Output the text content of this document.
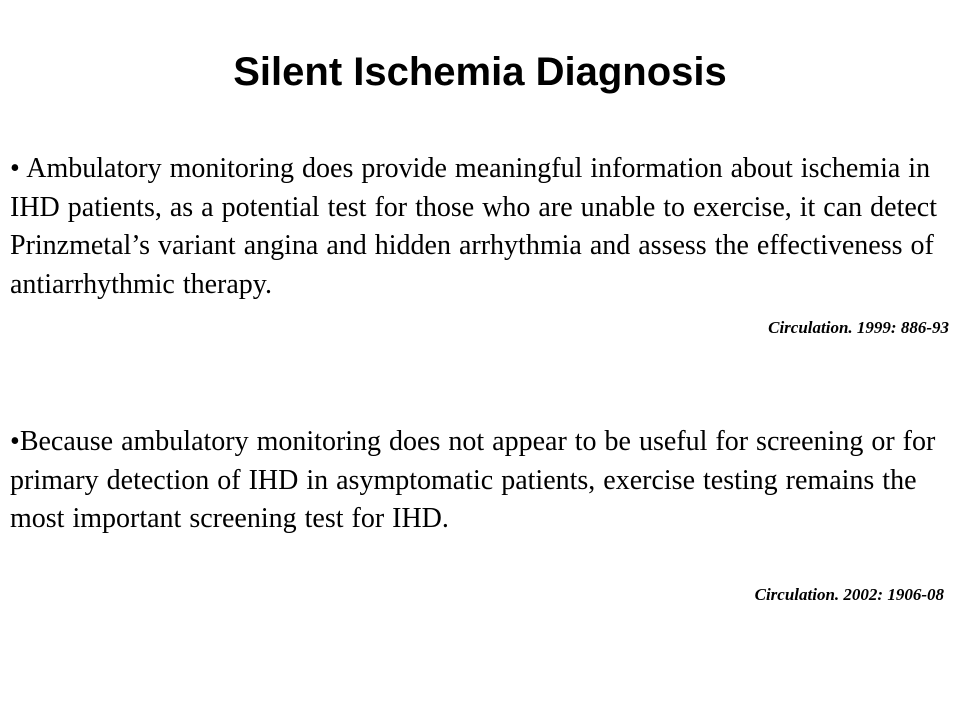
Silent Ischemia Diagnosis

• Ambulatory monitoring does provide meaningful information about ischemia in IHD patients, as a potential test for those who are unable to exercise, it can detect Prinzmetal’s variant angina and hidden arrhythmia and assess the effectiveness of antiarrhythmic therapy.

Circulation. 1999: 886-93

•Because ambulatory monitoring does not appear to be useful for screening or for primary detection of IHD in asymptomatic patients, exercise testing remains the most important screening test for IHD.

Circulation. 2002: 1906-08
